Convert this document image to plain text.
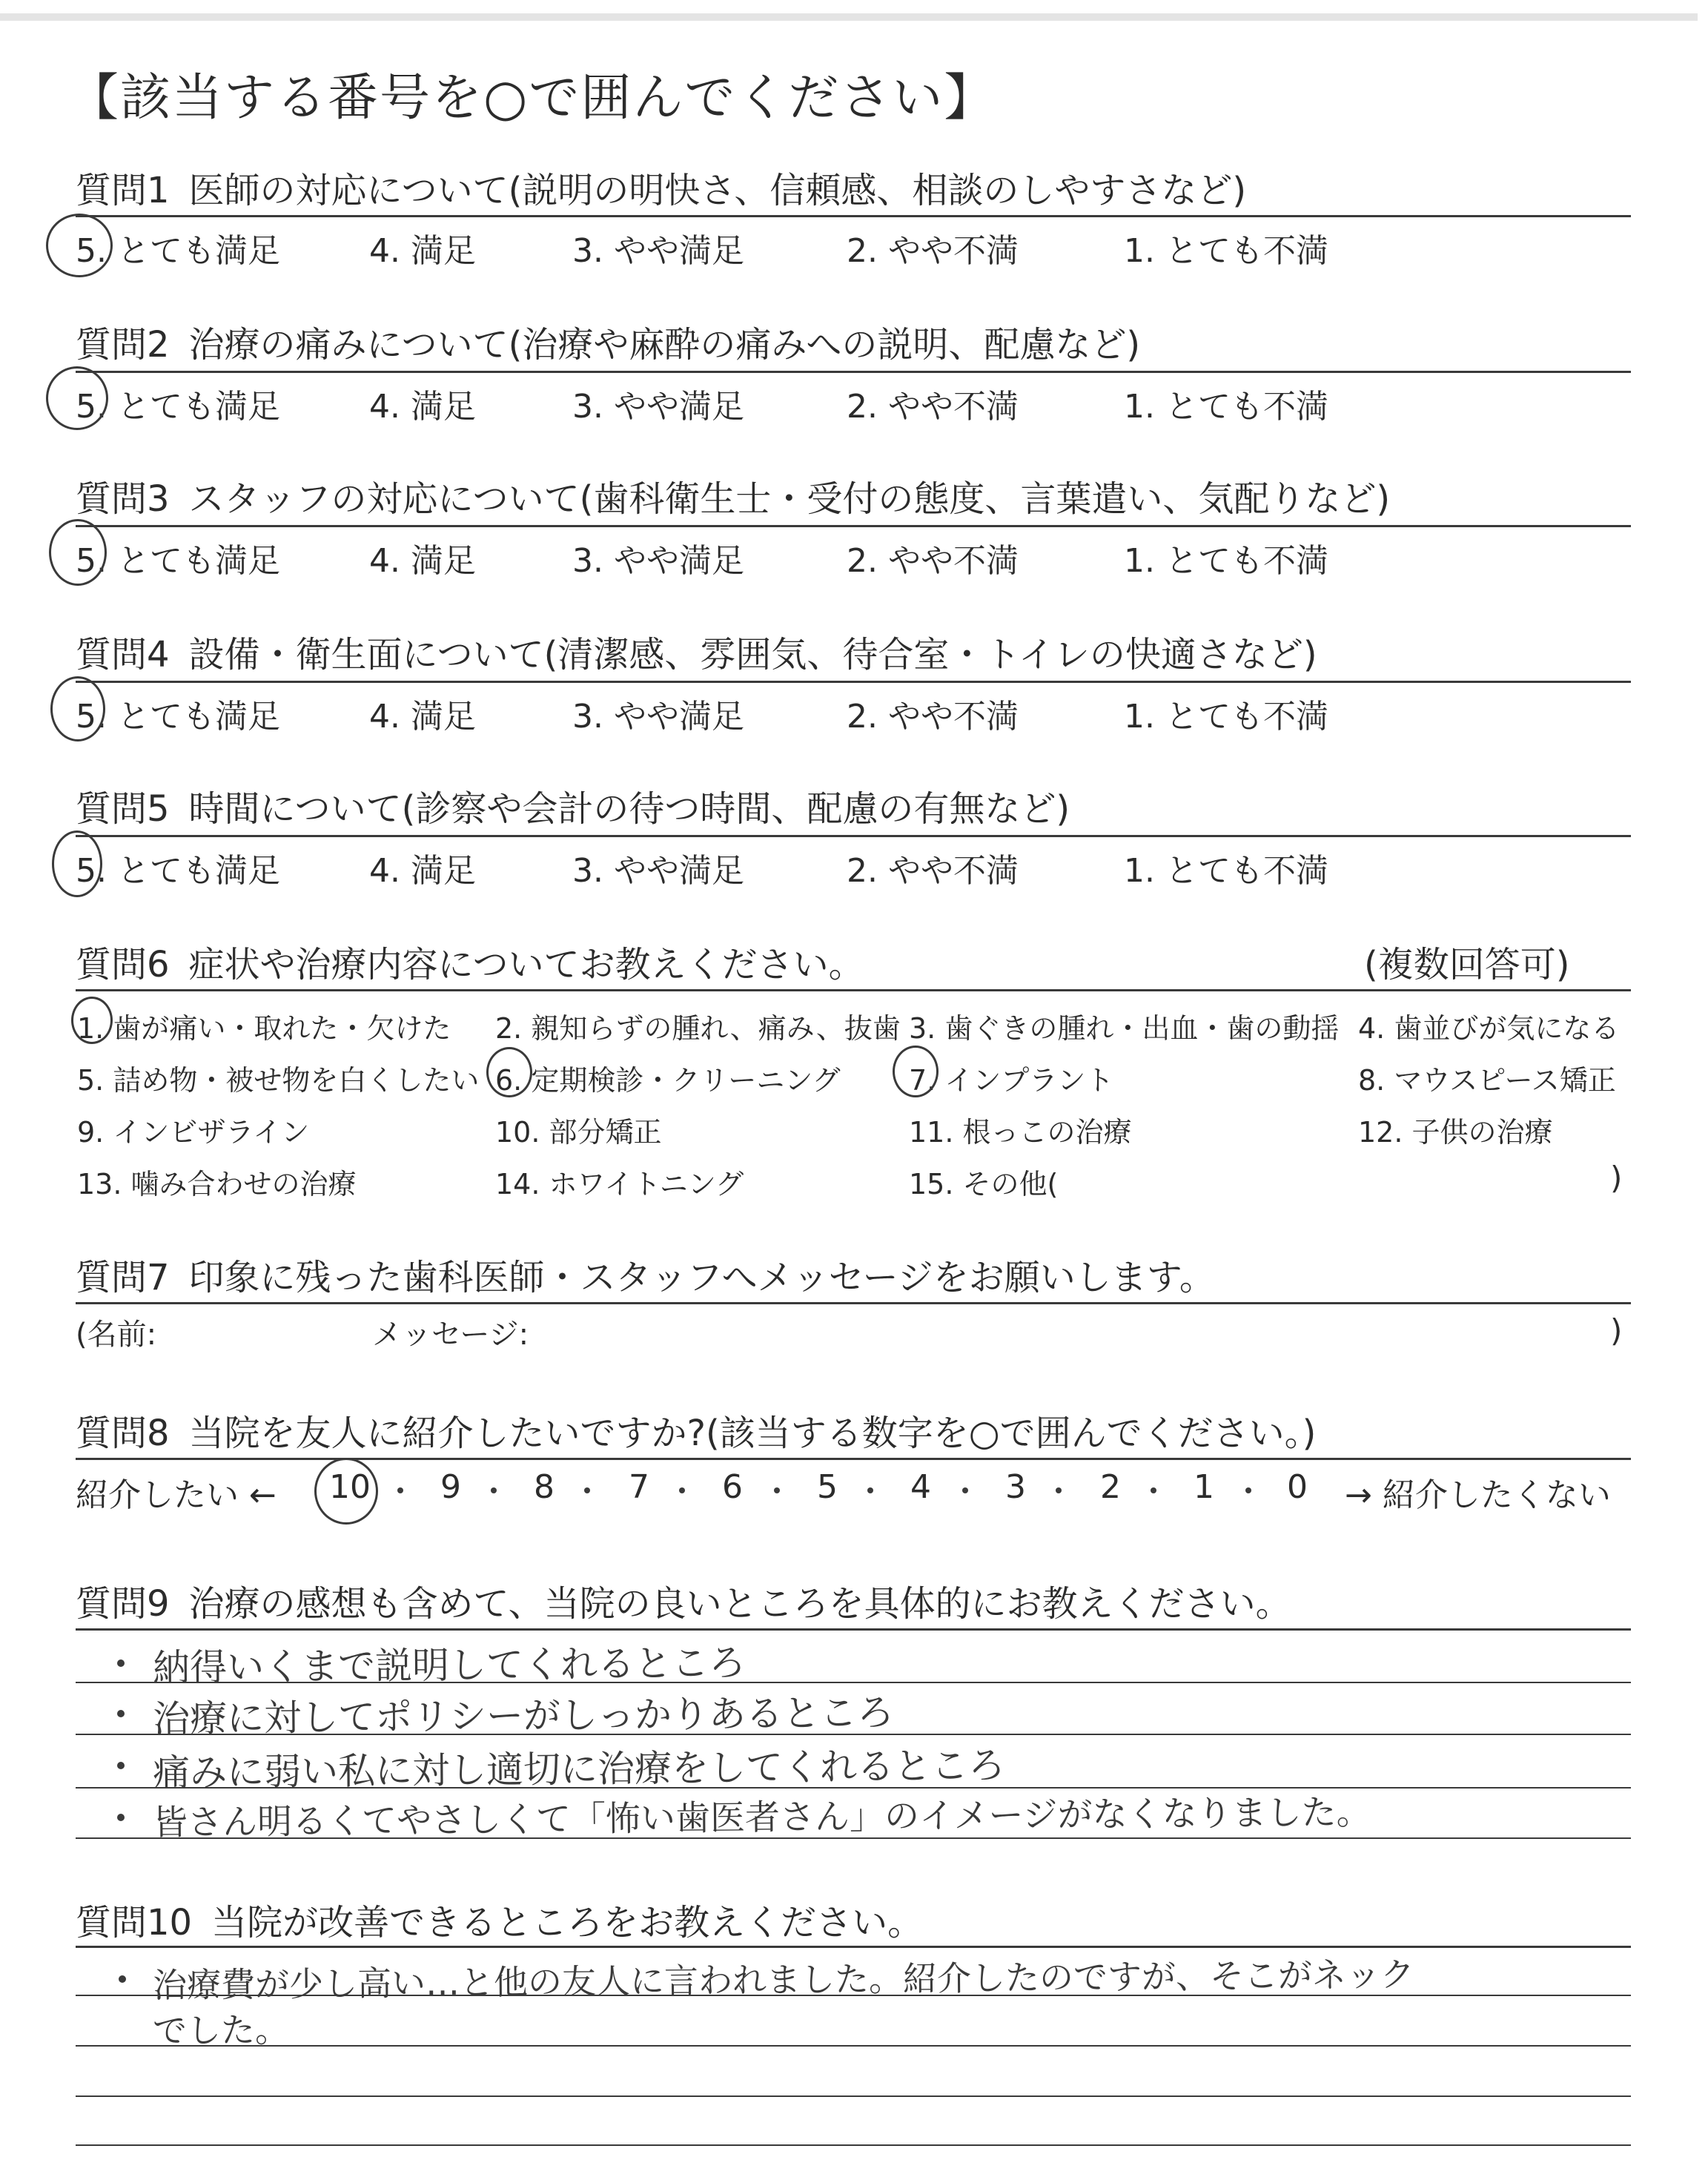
【該当する番号を○で囲んでください】
質問1 医師の対応について(説明の明快さ、信頼感、相談のしやすさなど)
5. とても満足	4. 満足	3. やや満足	2. やや不満	1. とても不満
質問2 治療の痛みについて(治療や麻酔の痛みへの説明、配慮など)
5. とても満足	4. 満足	3. やや満足	2. やや不満	1. とても不満
質問3 スタッフの対応について(歯科衛生士・受付の態度、言葉遣い、気配りなど)
5. とても満足	4. 満足	3. やや満足	2. やや不満	1. とても不満
質問4 設備・衛生面について(清潔感、雰囲気、待合室・トイレの快適さなど)
5. とても満足	4. 満足	3. やや満足	2. やや不満	1. とても不満
質問5 時間について(診察や会計の待つ時間、配慮の有無など)
5. とても満足	4. 満足	3. やや満足	2. やや不満	1. とても不満
質問6 症状や治療内容についてお教えください。	(複数回答可)
1. 歯が痛い・取れた・欠けた 2. 親知らずの腫れ、痛み、抜歯 3. 歯ぐきの腫れ・出血・歯の動揺 4. 歯並びが気になる
5. 詰め物・被せ物を白くしたい 6. 定期検診・クリーニング 7. インプラント	8. マウスピース矯正
9. インビザライン	10. 部分矯正	11. 根っこの治療	12. 子供の治療
13. 噛み合わせの治療	14. ホワイトニング	15. その他(	)
質問7 印象に残った歯科医師・スタッフへメッセージをお願いします。
(名前:	メッセージ:	)
質問8 当院を友人に紹介したいですか?(該当する数字を○で囲んでください。)
紹介したい ← 10 9 8 7 6 5 4 3 2 1 0 → 紹介したくない
質問9 治療の感想も含めて、当院の良いところを具体的にお教えください。
納得いくまで説明してくれるところ
治療に対してポリシーがしっかりあるところ
痛みに弱い私に対し適切に治療をしてくれるところ
皆さん明るくてやさしくて「怖い歯医者さん」のイメージがなくなりました。
質問10 当院が改善できるところをお教えください。
治療費が少し高い…と他の友人に言われました。紹介したのですが、そこがネック
でした。
